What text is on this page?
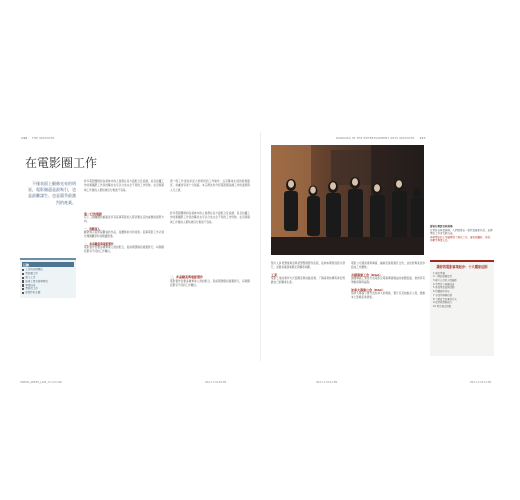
196 THE INDUSTRY
在電影圈工作
不僅表面上顯赫光亮的明星，電影圈還是最吸引，也是最難謀生、也是競爭最激烈的產業。
許多電影團隊的各領域中的人員都在各方面配合及協調，而且拍攝工作的範圍跟工作者的職位也可以分為完全不同的工作形態。在這個領域工作過的人都知道這行相當不容易。
與一般工作者的狀況大致相同的工作條件，以及職業生涯的發展路徑，常讓初學者十分困惑。本章將為你介紹電影圈各種工作的面貌與入行之道。
進一行的電影
以下三個關鍵的重點是所有從事電影的人都需要注意的重要前提與方向。
一、從觀眾入
觀眾進入電影院觀看的作品，是團隊的共同成果。從事電影工作必須先理解觀眾如何閱讀影像。
二、多重職業與電影製作
電影製作需要各種專業人員的配合，從前期籌備到後製發行，每個階段都有不同的工作職位。
許多電影團隊的各領域中的人員都在各方面配合及協調，而且拍攝工作的範圍跟工作者的職位也可以分為完全不同的工作形態。在這個領域工作過的人都知道這行相當不容易。
二、多重職業與電影製作
電影製作需要各種專業人員的配合，從前期籌備到後製發行，每個階段都有不同的工作職位。
目錄
工作的各種職位
電影圈工作
進入工作
影視工業及需學習的
專業技術
電影的工作
影製作的主題
CINEMA_SERIES_p196_17.indd 196	09/11 4:34:40 PM
WORKING IN THE ENTERTAINMENT ARTS INDUSTRY 197
群眾在電影首映現場
在電影首映會現場，人們聚集在一起欣賞最新作品，並與電影工作者互動交流。
參與電影的工作團隊除了演員之外，還包括攝影、美術、剪輯等專業人員。
製片人負責籌措資金與統籌整個製作流程，從劇本開發到影片發行，需要具備商業眼光與藝術判斷。
工業
電影工業的運作方式因國家與地區而異，了解產業結構有助於規劃自己的職業生涯。
電影公司通常會與導演、編劇及演員簽訂合約，並依照專案需求組成工作團隊。
美國導演工會（DGA）
美國導演工會是代表電影及電視導演權益的重要組織，會員享有勞動保障與福利。
加拿大導演公會（DGC）
加拿大導演公會代表加拿大的導演、製片及其他創意人員，推動本土影視產業發展。
讓你的電影事業起步：十大獨家法則
1 做好準備
2 一開始就要認真
3 建立良好的人際關係
4 學習所有相關技術
5 參加電影節與活動
6 持續創作作品
7 尋找導師與榜樣
8 了解產業的運作方式
9 保持熱情與毅力
10 勇於接受挑戰
09/11 4:34:41 PM	09/11 4:34:41 PM
